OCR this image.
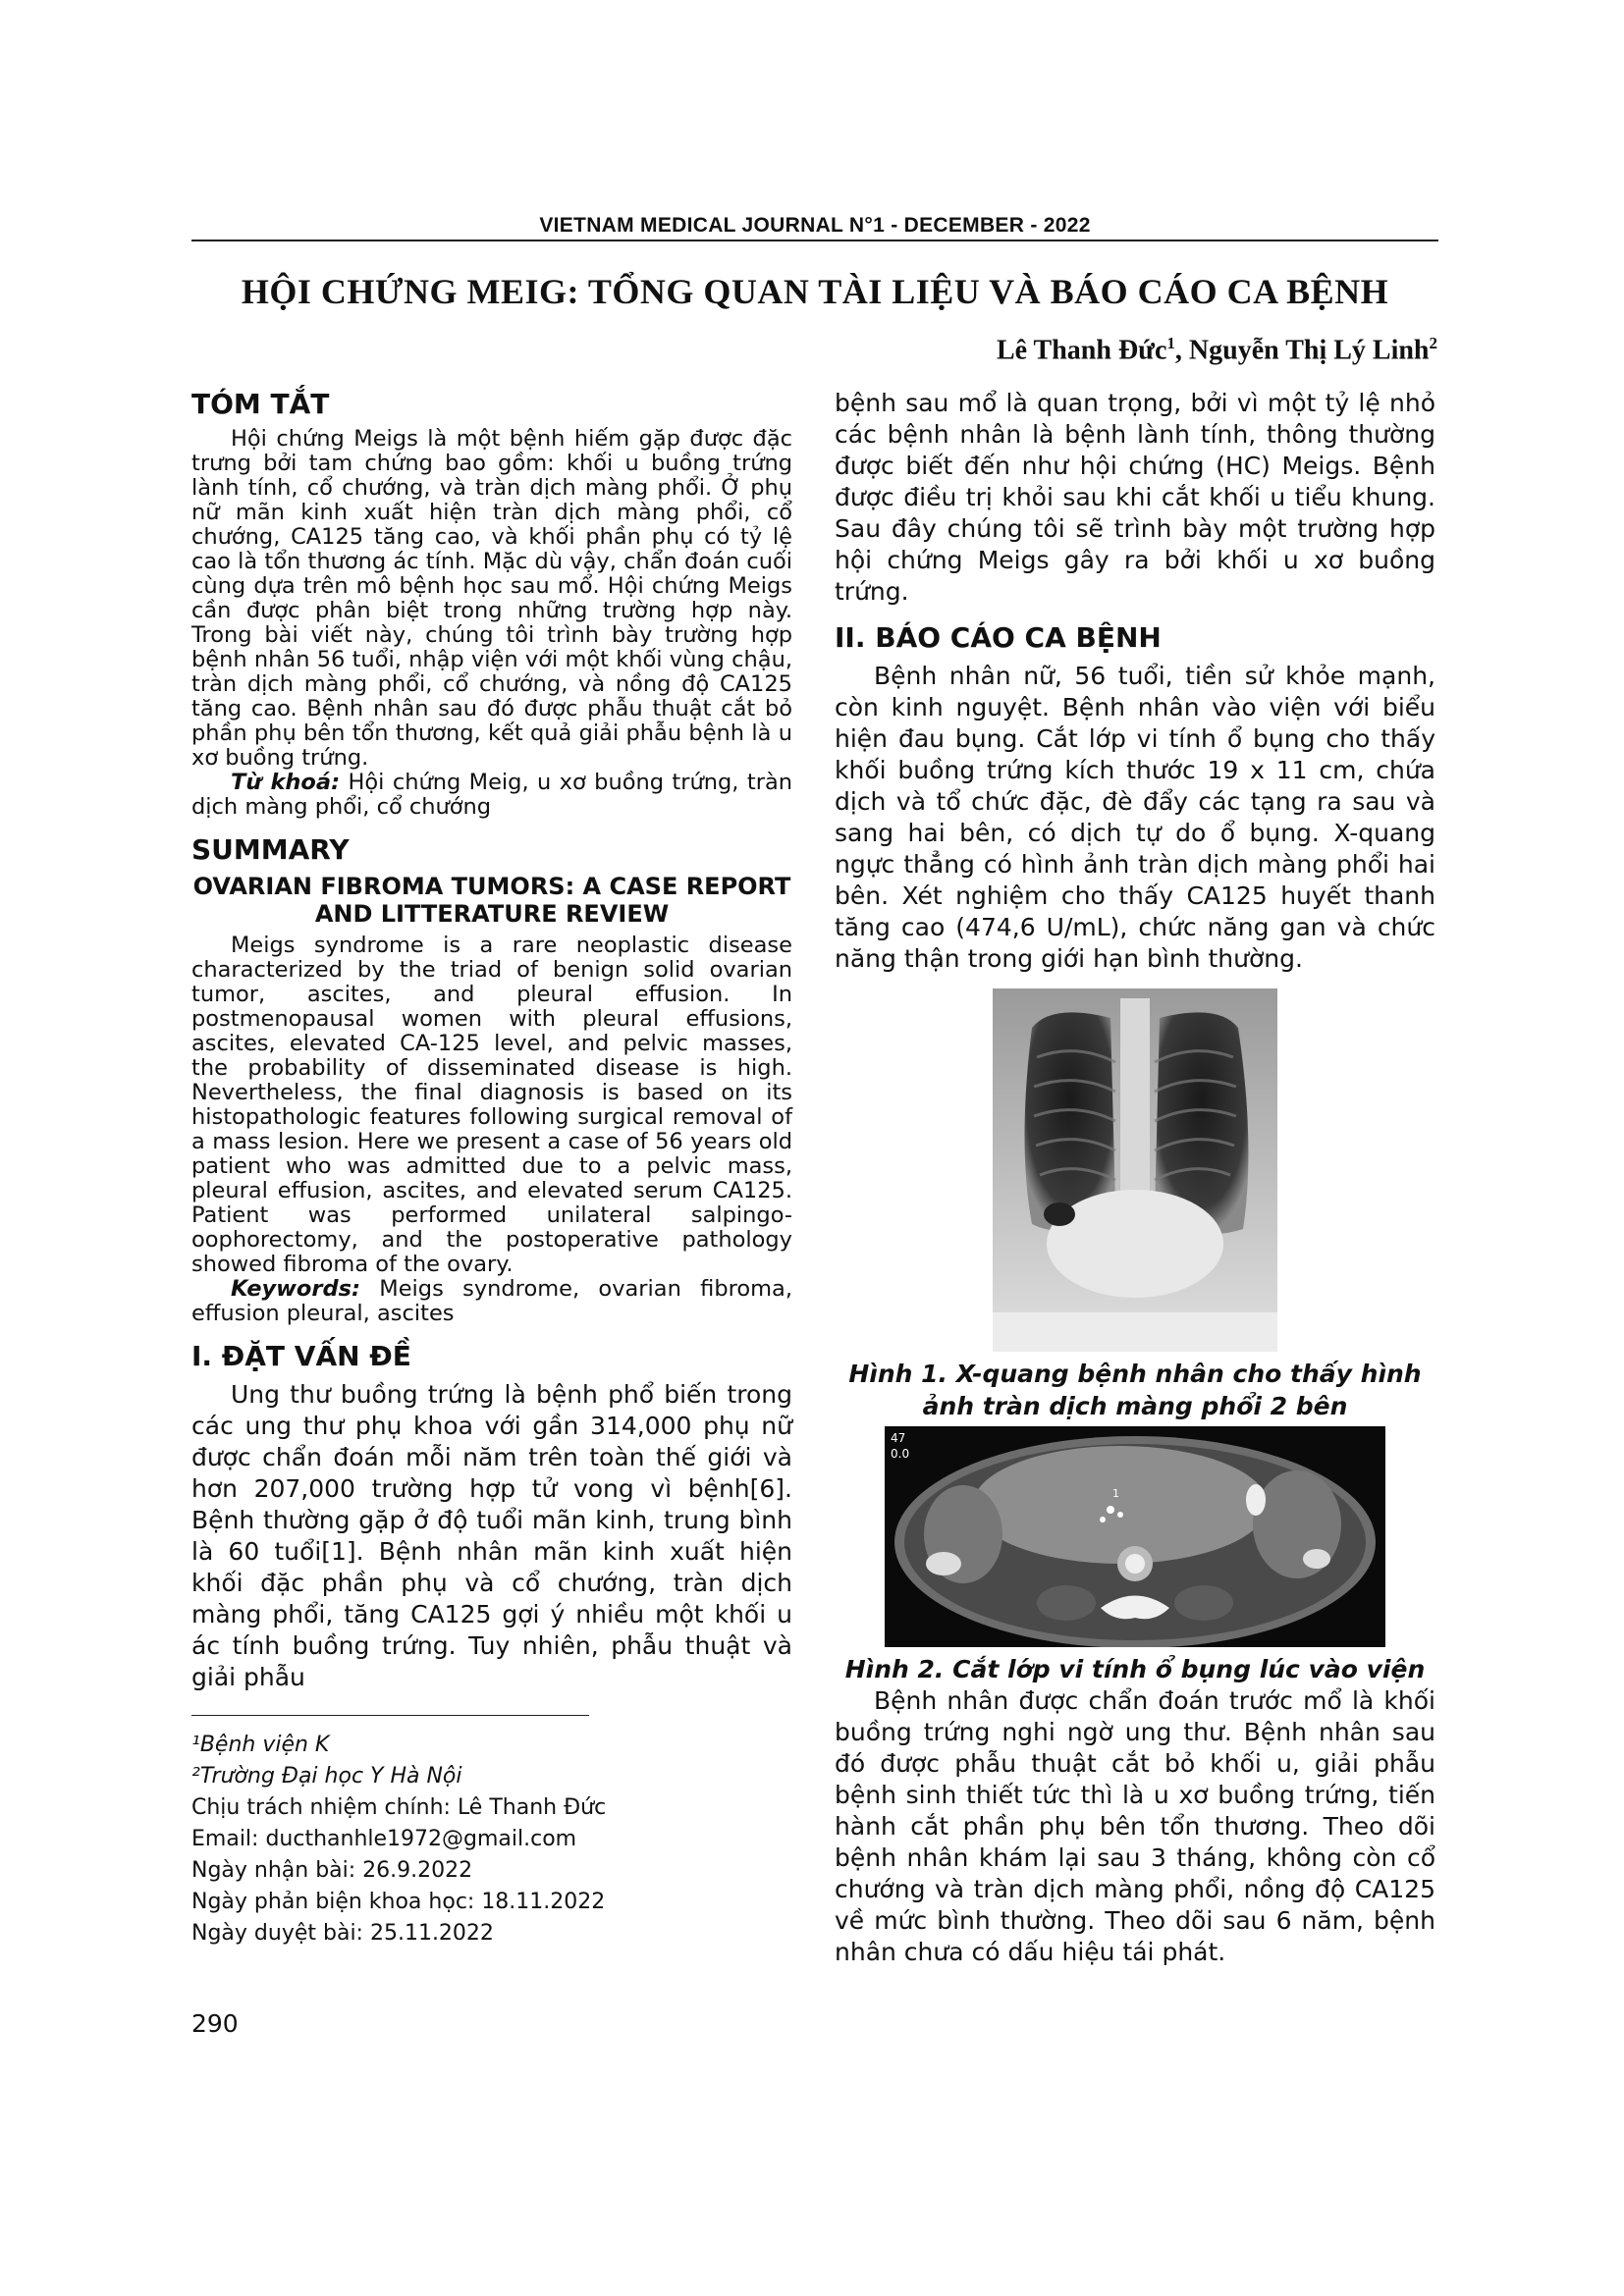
VIETNAM MEDICAL JOURNAL N°1 - DECEMBER - 2022
HỘI CHỨNG MEIG: TỔNG QUAN TÀI LIỆU VÀ BÁO CÁO CA BỆNH
Lê Thanh Đức$^1$, Nguyễn Thị Lý Linh$^2$
TÓM TẮT

Hội chứng Meigs là một bệnh hiếm gặp được đặc trưng bởi tam chứng bao gồm: khối u buồng trứng lành tính, cổ chướng, và tràn dịch màng phổi. Ở phụ nữ mãn kinh xuất hiện tràn dịch màng phổi, cổ chướng, CA125 tăng cao, và khối phần phụ có tỷ lệ cao là tổn thương ác tính. Mặc dù vậy, chẩn đoán cuối cùng dựa trên mô bệnh học sau mổ. Hội chứng Meigs cần được phân biệt trong những trường hợp này. Trong bài viết này, chúng tôi trình bày trường hợp bệnh nhân 56 tuổi, nhập viện với một khối vùng chậu, tràn dịch màng phổi, cổ chướng, và nồng độ CA125 tăng cao. Bệnh nhân sau đó được phẫu thuật cắt bỏ phần phụ bên tổn thương, kết quả giải phẫu bệnh là u xơ buồng trứng.

Từ khoá: Hội chứng Meig, u xơ buồng trứng, tràn dịch màng phổi, cổ chướng

SUMMARY
OVARIAN FIBROMA TUMORS: A CASE REPORT AND LITTERATURE REVIEW

Meigs syndrome is a rare neoplastic disease characterized by the triad of benign solid ovarian tumor, ascites, and pleural effusion. In postmenopausal women with pleural effusions, ascites, elevated CA-125 level, and pelvic masses, the probability of disseminated disease is high. Nevertheless, the final diagnosis is based on its histopathologic features following surgical removal of a mass lesion. Here we present a case of 56 years old patient who was admitted due to a pelvic mass, pleural effusion, ascites, and elevated serum CA125. Patient was performed unilateral salpingo-oophorectomy, and the postoperative pathology showed fibroma of the ovary.

Keywords: Meigs syndrome, ovarian fibroma, effusion pleural, ascites

I. ĐẶT VẤN ĐỀ

Ung thư buồng trứng là bệnh phổ biến trong các ung thư phụ khoa với gần 314,000 phụ nữ được chẩn đoán mỗi năm trên toàn thế giới và hơn 207,000 trường hợp tử vong vì bệnh[6]. Bệnh thường gặp ở độ tuổi mãn kinh, trung bình là 60 tuổi[1]. Bệnh nhân mãn kinh xuất hiện khối đặc phần phụ và cổ chướng, tràn dịch màng phổi, tăng CA125 gợi ý nhiều một khối u ác tính buồng trứng. Tuy nhiên, phẫu thuật và giải phẫu

¹Bệnh viện K

²Trường Đại học Y Hà Nội

Chịu trách nhiệm chính: Lê Thanh Đức

Email: ducthanhle1972@gmail.com

Ngày nhận bài: 26.9.2022

Ngày phản biện khoa học: 18.11.2022

Ngày duyệt bài: 25.11.2022

bệnh sau mổ là quan trọng, bởi vì một tỷ lệ nhỏ các bệnh nhân là bệnh lành tính, thông thường được biết đến như hội chứng (HC) Meigs. Bệnh được điều trị khỏi sau khi cắt khối u tiểu khung. Sau đây chúng tôi sẽ trình bày một trường hợp hội chứng Meigs gây ra bởi khối u xơ buồng trứng.

II. BÁO CÁO CA BỆNH

Bệnh nhân nữ, 56 tuổi, tiền sử khỏe mạnh, còn kinh nguyệt. Bệnh nhân vào viện với biểu hiện đau bụng. Cắt lớp vi tính ổ bụng cho thấy khối buồng trứng kích thước 19 x 11 cm, chứa dịch và tổ chức đặc, đè đẩy các tạng ra sau và sang hai bên, có dịch tự do ổ bụng. X-quang ngực thẳng có hình ảnh tràn dịch màng phổi hai bên. Xét nghiệm cho thấy CA125 huyết thanh tăng cao (474,6 U/mL), chức năng gan và chức năng thận trong giới hạn bình thường.

Hình 1. X-quang bệnh nhân cho thấy hình ảnh tràn dịch màng phổi 2 bên

47
0.0
1

Hình 2. Cắt lớp vi tính ổ bụng lúc vào viện

Bệnh nhân được chẩn đoán trước mổ là khối buồng trứng nghi ngờ ung thư. Bệnh nhân sau đó được phẫu thuật cắt bỏ khối u, giải phẫu bệnh sinh thiết tức thì là u xơ buồng trứng, tiến hành cắt phần phụ bên tổn thương. Theo dõi bệnh nhân khám lại sau 3 tháng, không còn cổ chướng và tràn dịch màng phổi, nồng độ CA125 về mức bình thường. Theo dõi sau 6 năm, bệnh nhân chưa có dấu hiệu tái phát.

290
